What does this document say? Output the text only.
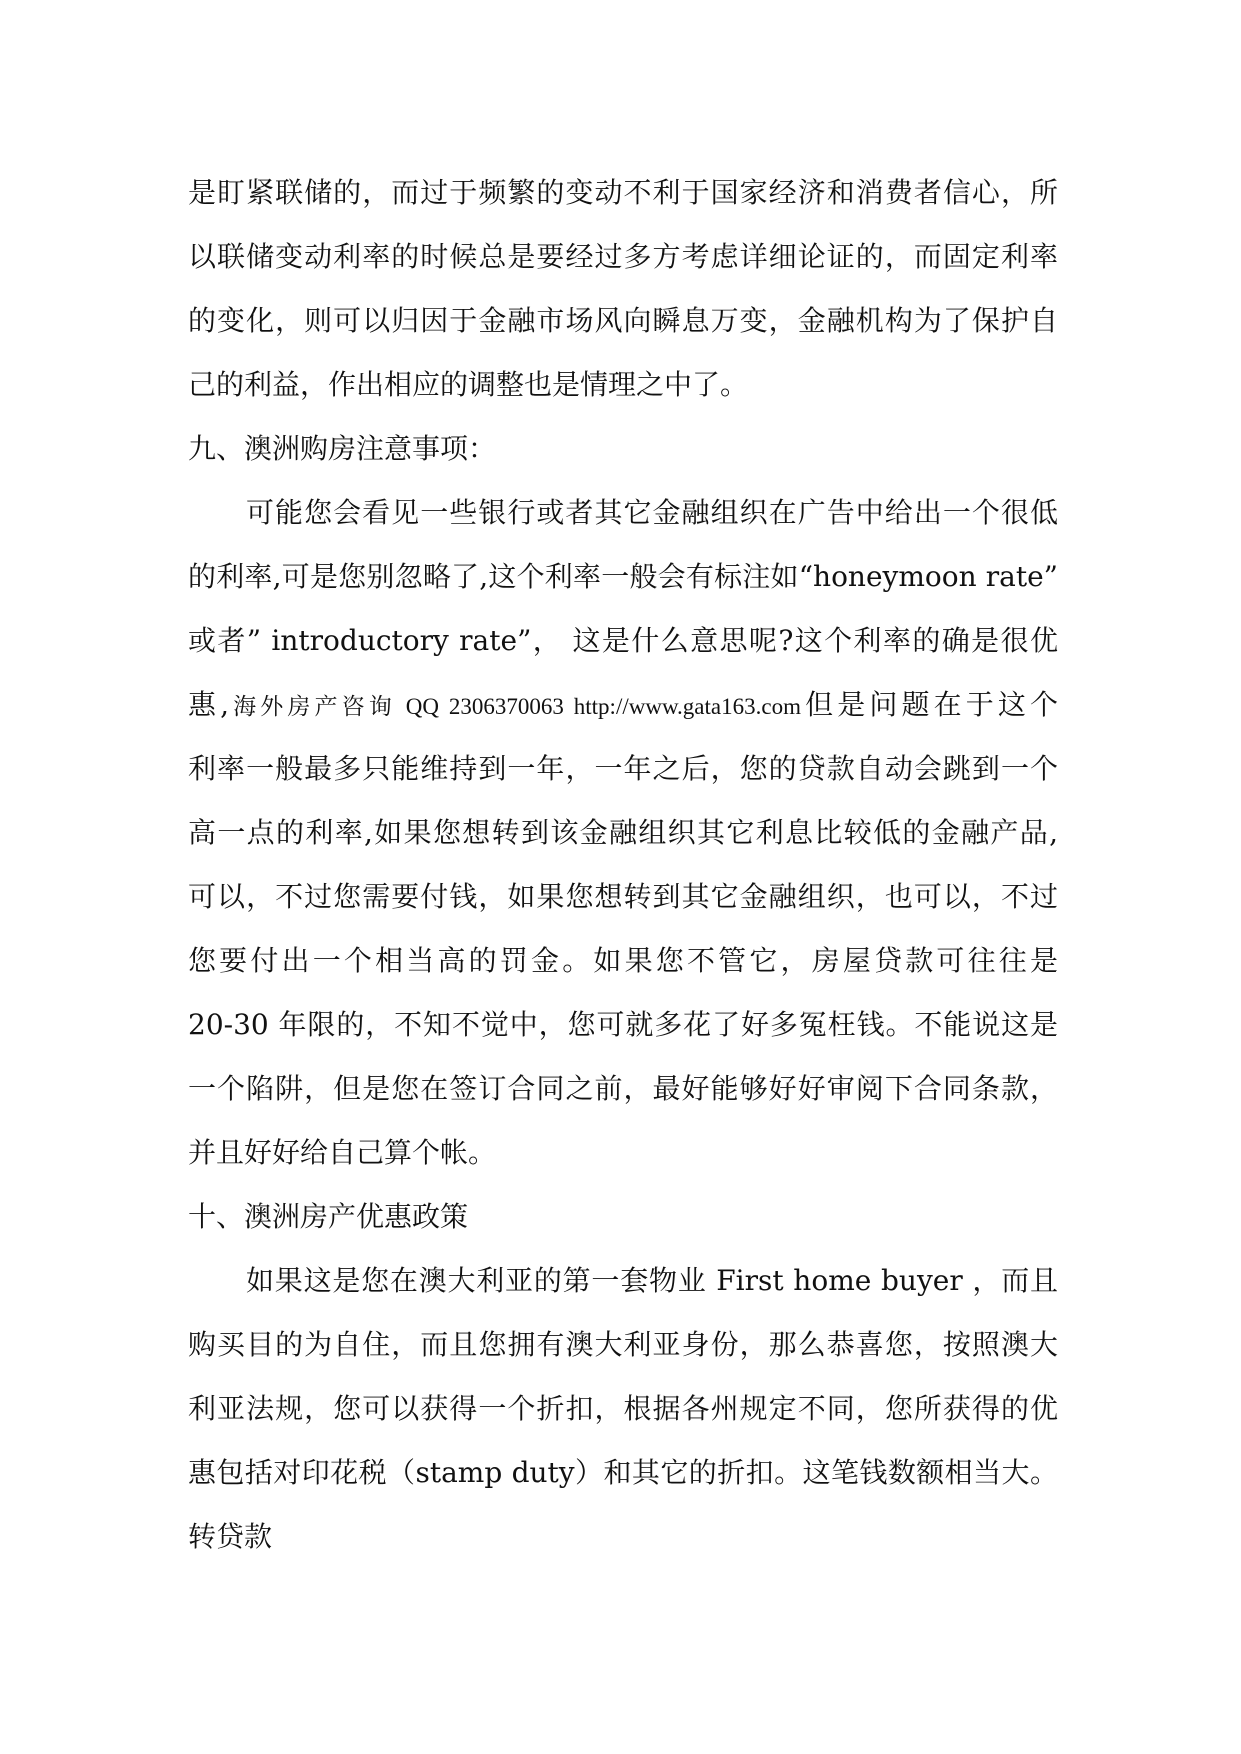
是盯紧联储的，而过于频繁的变动不利于国家经济和消费者信心，所
以联储变动利率的时候总是要经过多方考虑详细论证的，而固定利率
的变化，则可以归因于金融市场风向瞬息万变，金融机构为了保护自
己的利益，作出相应的调整也是情理之中了。
九、澳洲购房注意事项：
可能您会看见一些银行或者其它金融组织在广告中给出一个很低
的利率,可是您别忽略了,这个利率一般会有标注如“honeymoon rate”
或者” introductory rate”， 这是什么意思呢?这个利率的确是很优
惠,海外房产咨询 QQ 2306370063 http://www.gata163.com但是问题在于这个
利率一般最多只能维持到一年，一年之后，您的贷款自动会跳到一个
高一点的利率,如果您想转到该金融组织其它利息比较低的金融产品,
可以，不过您需要付钱，如果您想转到其它金融组织，也可以，不过
您要付出一个相当高的罚金。如果您不管它，房屋贷款可往往是
20-30 年限的，不知不觉中，您可就多花了好多冤枉钱。不能说这是
一个陷阱，但是您在签订合同之前，最好能够好好审阅下合同条款，
并且好好给自己算个帐。
十、澳洲房产优惠政策
如果这是您在澳大利亚的第一套物业 First home buyer ，而且
购买目的为自住，而且您拥有澳大利亚身份，那么恭喜您，按照澳大
利亚法规，您可以获得一个折扣，根据各州规定不同，您所获得的优
惠包括对印花税（stamp duty）和其它的折扣。这笔钱数额相当大。
转贷款
